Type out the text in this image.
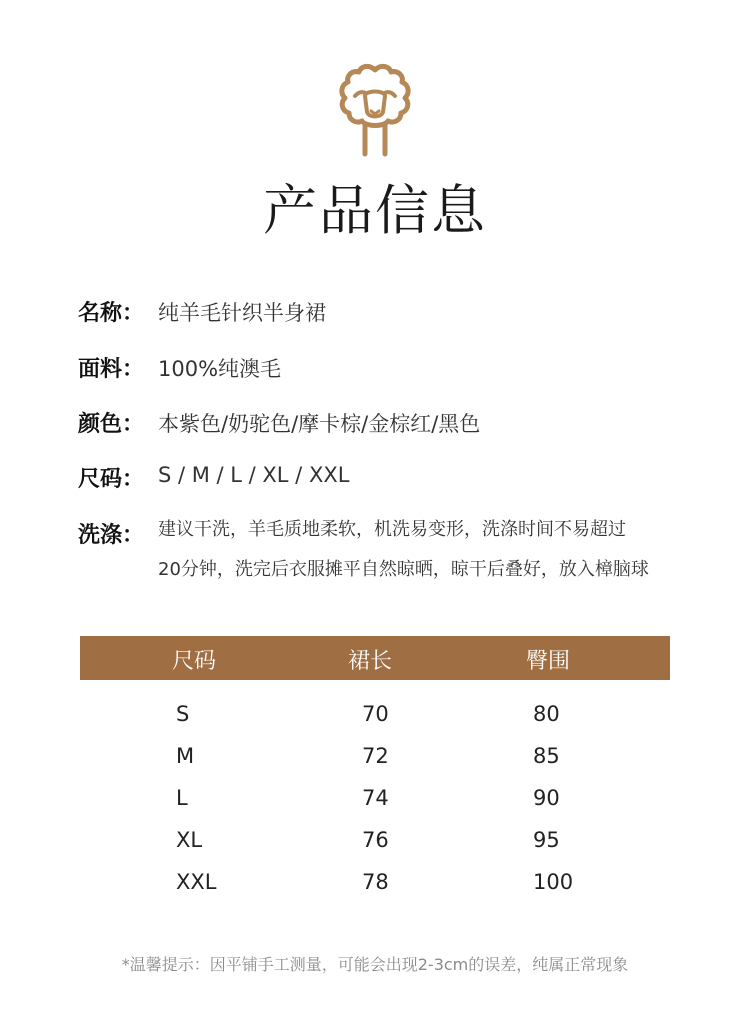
产品信息
名称： 纯羊毛针织半身裙
面料： 100%纯澳毛
颜色： 本紫色/奶驼色/摩卡棕/金棕红/黑色
尺码： S / M / L / XL / XXL
洗涤： 建议干洗，羊毛质地柔软，机洗易变形，洗涤时间不易超过
20分钟，洗完后衣服摊平自然晾晒，晾干后叠好，放入樟脑球
尺码	裙长	臀围
S	70	80
M	72	85
L	74	90
XL	76	95
XXL	78	100
*温馨提示：因平铺手工测量，可能会出现2-3cm的误差，纯属正常现象
